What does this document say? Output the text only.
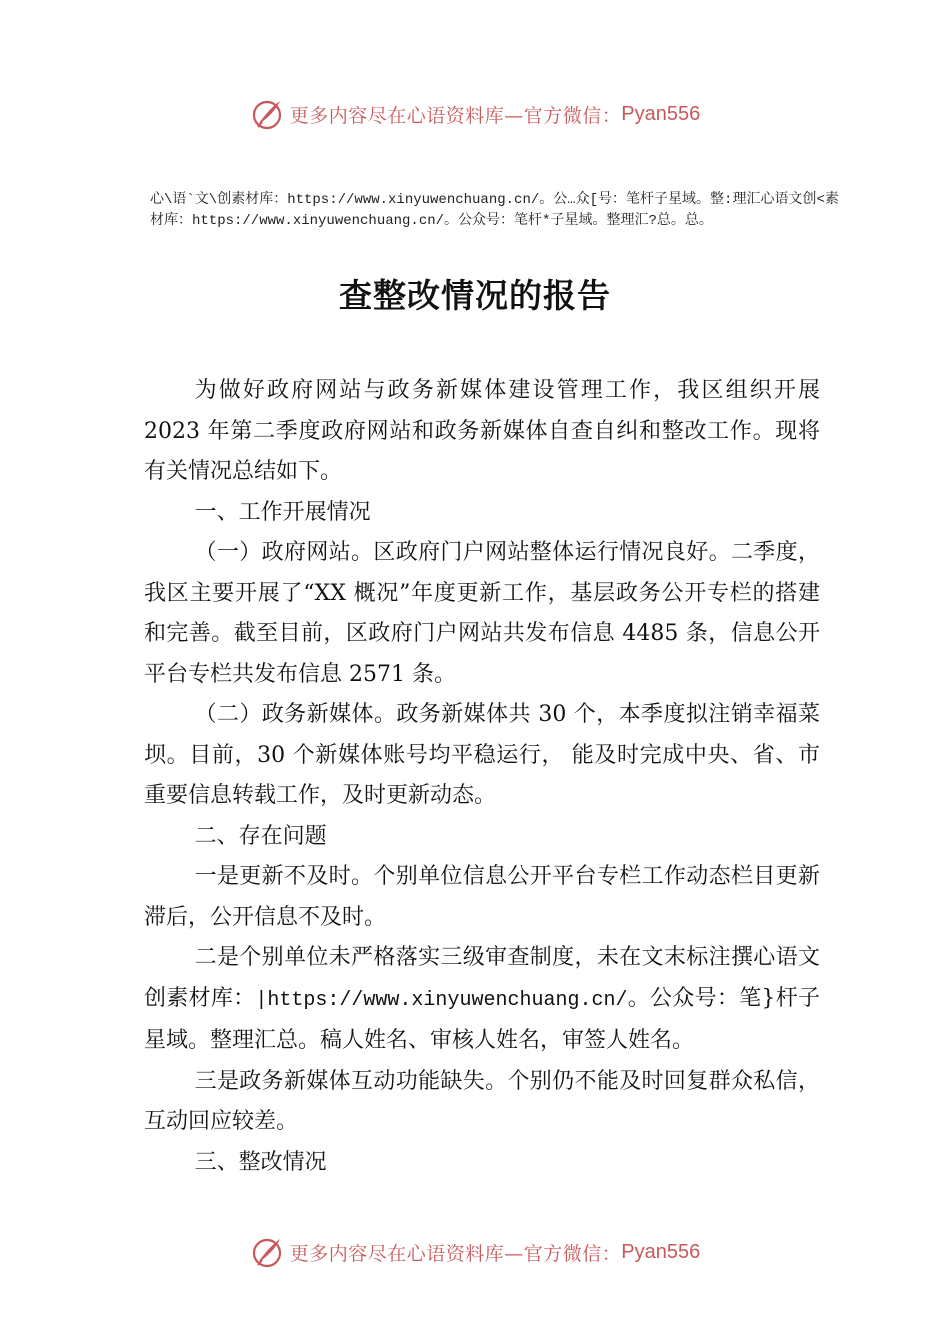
更多内容尽在心语资料库—官方微信： Pyan556
心\语`文\创素材库：https://www.xinyuwenchuang.cn/。公…众[号：笔杆子星域。整:理汇心语文创<素材库：https://www.xinyuwenchuang.cn/。公众号：笔杆*子星域。整理汇?总。总。
查整改情况的报告

为做好政府网站与政务新媒体建设管理工作，我区组织开展 2023 年第二季度政府网站和政务新媒体自查自纠和整改工作。现将有关情况总结如下。

一、工作开展情况

（一）政府网站。区政府门户网站整体运行情况良好。二季度，我区主要开展了“XX 概况”年度更新工作，基层政务公开专栏的搭建和完善。截至目前，区政府门户网站共发布信息 4485 条，信息公开平台专栏共发布信息 2571 条。

（二）政务新媒体。政务新媒体共 30 个，本季度拟注销幸福菜坝。目前，30 个新媒体账号均平稳运行， 能及时完成中央、省、市重要信息转载工作，及时更新动态。

二、存在问题

一是更新不及时。个别单位信息公开平台专栏工作动态栏目更新滞后，公开信息不及时。

二是个别单位未严格落实三级审查制度，未在文末标注撰心语文创素材库：|https://www.xinyuwenchuang.cn/。公众号：笔}杆子星域。整理汇总。稿人姓名、审核人姓名，审签人姓名。

三是政务新媒体互动功能缺失。个别仍不能及时回复群众私信，互动回应较差。

三、整改情况

更多内容尽在心语资料库—官方微信： Pyan556
